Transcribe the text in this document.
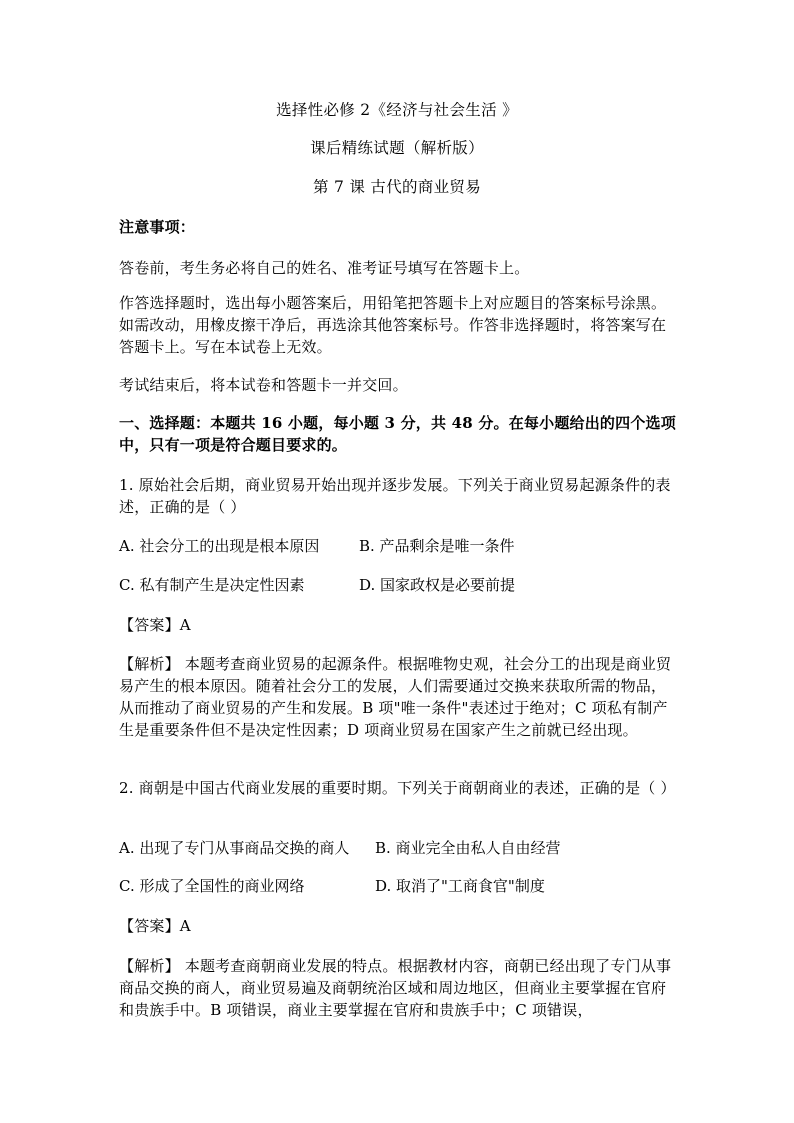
选择性必修 2《经济与社会生活 》
课后精练试题（解析版）
第 7 课 古代的商业贸易
注意事项：
答卷前，考生务必将自己的姓名、准考证号填写在答题卡上。
作答选择题时，选出每小题答案后，用铅笔把答题卡上对应题目的答案标号涂黑。如需改动，用橡皮擦干净后，再选涂其他答案标号。作答非选择题时，将答案写在答题卡上。写在本试卷上无效。
考试结束后，将本试卷和答题卡一并交回。
一、选择题：本题共 16 小题，每小题 3 分，共 48 分。在每小题给出的四个选项中，只有一项是符合题目要求的。
1. 原始社会后期，商业贸易开始出现并逐步发展。下列关于商业贸易起源条件的表述，正确的是（ ）
A. 社会分工的出现是根本原因	B. 产品剩余是唯一条件
C. 私有制产生是决定性因素	D. 国家政权是必要前提
【答案】A
【解析】 本题考查商业贸易的起源条件。根据唯物史观，社会分工的出现是商业贸易产生的根本原因。随着社会分工的发展，人们需要通过交换来获取所需的物品，从而推动了商业贸易的产生和发展。B 项"唯一条件"表述过于绝对；C 项私有制产生是重要条件但不是决定性因素；D 项商业贸易在国家产生之前就已经出现。
2. 商朝是中国古代商业发展的重要时期。下列关于商朝商业的表述，正确的是（ ）
A. 出现了专门从事商品交换的商人 B. 商业完全由私人自由经营
C. 形成了全国性的商业网络	D. 取消了"工商食官"制度
【答案】A
【解析】 本题考查商朝商业发展的特点。根据教材内容，商朝已经出现了专门从事商品交换的商人，商业贸易遍及商朝统治区域和周边地区，但商业主要掌握在官府和贵族手中。B 项错误，商业主要掌握在官府和贵族手中；C 项错误，
